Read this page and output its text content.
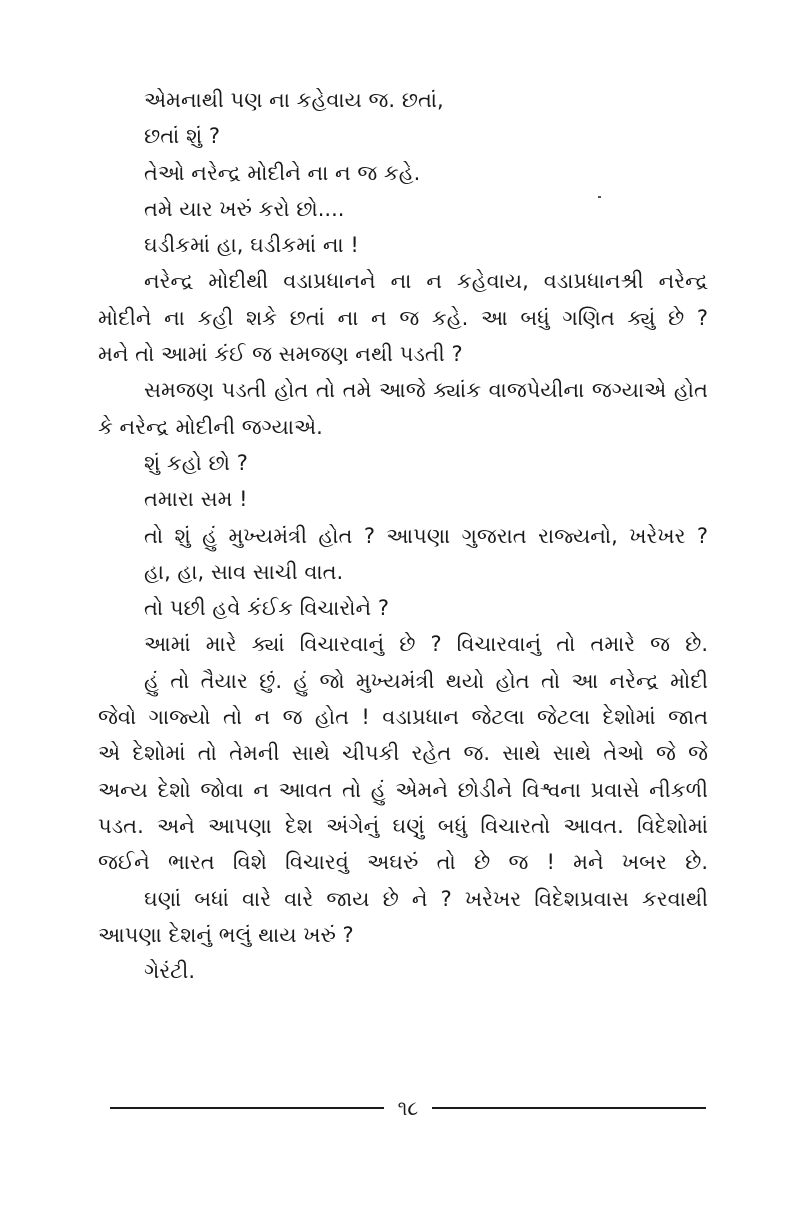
એમનાથી પણ ના કહેવાય જ. છતાં,
છતાં શું ?
તેઓ નરેન્દ્ર મોદીને ના ન જ કહે.
તમે યાર ખરું કરો છો....
ઘડીકમાં હા, ઘડીકમાં ના !
નરેન્દ્ર મોદીથી વડાપ્રધાનને ના ન કહેવાય, વડાપ્રધાનશ્રી નરેન્દ્ર
મોદીને ના કહી શકે છતાં ના ન જ કહે. આ બધું ગણિત ક્યું છે ?
મને તો આમાં કંઈ જ સમજણ નથી પડતી ?
સમજણ પડતી હોત તો તમે આજે ક્યાંક વાજપેયીના જગ્યાએ હોત
કે નરેન્દ્ર મોદીની જગ્યાએ.
શું કહો છો ?
તમારા સમ !
તો શું હું મુખ્યમંત્રી હોત ? આપણા ગુજરાત રાજ્યનો, ખરેખર ?
હા, હા, સાવ સાચી વાત.
તો પછી હવે કંઈક વિચારોને ?
આમાં મારે ક્યાં વિચારવાનું છે ? વિચારવાનું તો તમારે જ છે.
હું તો તૈયાર છું. હું જો મુખ્યમંત્રી થયો હોત તો આ નરેન્દ્ર મોદી
જેવો ગાજ્યો તો ન જ હોત ! વડાપ્રધાન જેટલા જેટલા દેશોમાં જાત
એ દેશોમાં તો તેમની સાથે ચીપકી રહેત જ. સાથે સાથે તેઓ જે જે
અન્ય દેશો જોવા ન આવત તો હું એમને છોડીને વિશ્વના પ્રવાસે નીકળી
પડત. અને આપણા દેશ અંગેનું ઘણું બધું વિચારતો આવત. વિદેશોમાં
જઈને ભારત વિશે વિચારવું અઘરું તો છે જ ! મને ખબર છે.
ઘણાં બધાં વારે વારે જાય છે ને ? ખરેખર વિદેશપ્રવાસ કરવાથી
આપણા દેશનું ભલું થાય ખરું ?
ગેરંટી.
૧૮
